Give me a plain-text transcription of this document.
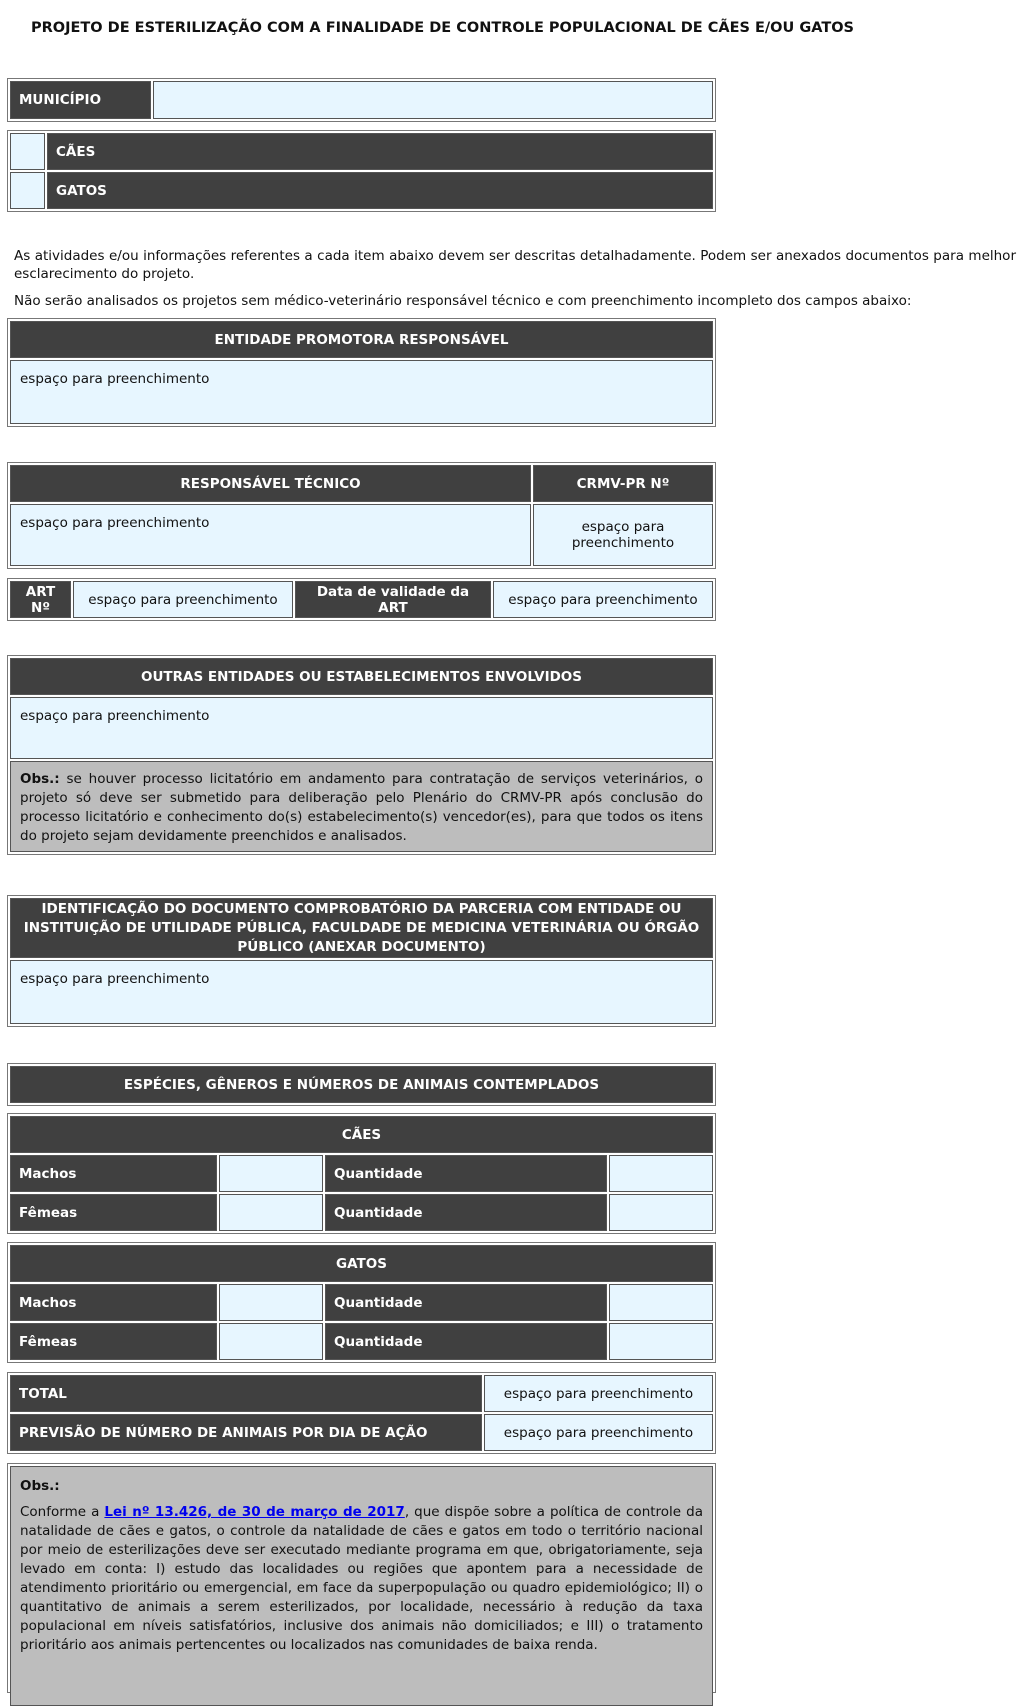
PROJETO DE ESTERILIZAÇÃO COM A FINALIDADE DE CONTROLE POPULACIONAL DE CÃES E/OU GATOS
MUNICÍPIO
CÃES
GATOS

As atividades e/ou informações referentes a cada item abaixo devem ser descritas detalhadamente. Podem ser anexados documentos para melhor esclarecimento do projeto.

Não serão analisados os projetos sem médico-veterinário responsável técnico e com preenchimento incompleto dos campos abaixo:

ENTIDADE PROMOTORA RESPONSÁVEL
espaço para preenchimento
RESPONSÁVEL TÉCNICO	CRMV-PR Nº
espaço para preenchimento	espaço para preenchimento
ART Nº	espaço para preenchimento	Data de validade da ART	espaço para preenchimento
OUTRAS ENTIDADES OU ESTABELECIMENTOS ENVOLVIDOS
espaço para preenchimento
Obs.: se houver processo licitatório em andamento para contratação de serviços veterinários, o projeto só deve ser submetido para deliberação pelo Plenário do CRMV-PR após conclusão do processo licitatório e conhecimento do(s) estabelecimento(s) vencedor(es), para que todos os itens do projeto sejam devidamente preenchidos e analisados.
IDENTIFICAÇÃO DO DOCUMENTO COMPROBATÓRIO DA PARCERIA COM ENTIDADE OU INSTITUIÇÃO DE UTILIDADE PÚBLICA, FACULDADE DE MEDICINA VETERINÁRIA OU ÓRGÃO PÚBLICO (ANEXAR DOCUMENTO)
espaço para preenchimento
ESPÉCIES, GÊNEROS E NÚMEROS DE ANIMAIS CONTEMPLADOS
CÃES
Machos	Quantidade
Fêmeas	Quantidade
GATOS
Machos	Quantidade
Fêmeas	Quantidade
TOTAL	espaço para preenchimento
PREVISÃO DE NÚMERO DE ANIMAIS POR DIA DE AÇÃO	espaço para preenchimento
Obs.:
Conforme a Lei nº 13.426, de 30 de março de 2017, que dispõe sobre a política de controle da natalidade de cães e gatos, o controle da natalidade de cães e gatos em todo o território nacional por meio de esterilizações deve ser executado mediante programa em que, obrigatoriamente, seja levado em conta: I) estudo das localidades ou regiões que apontem para a necessidade de atendimento prioritário ou emergencial, em face da superpopulação ou quadro epidemiológico; II) o quantitativo de animais a serem esterilizados, por localidade, necessário à redução da taxa populacional em níveis satisfatórios, inclusive dos animais não domiciliados; e III) o tratamento prioritário aos animais pertencentes ou localizados nas comunidades de baixa renda.
